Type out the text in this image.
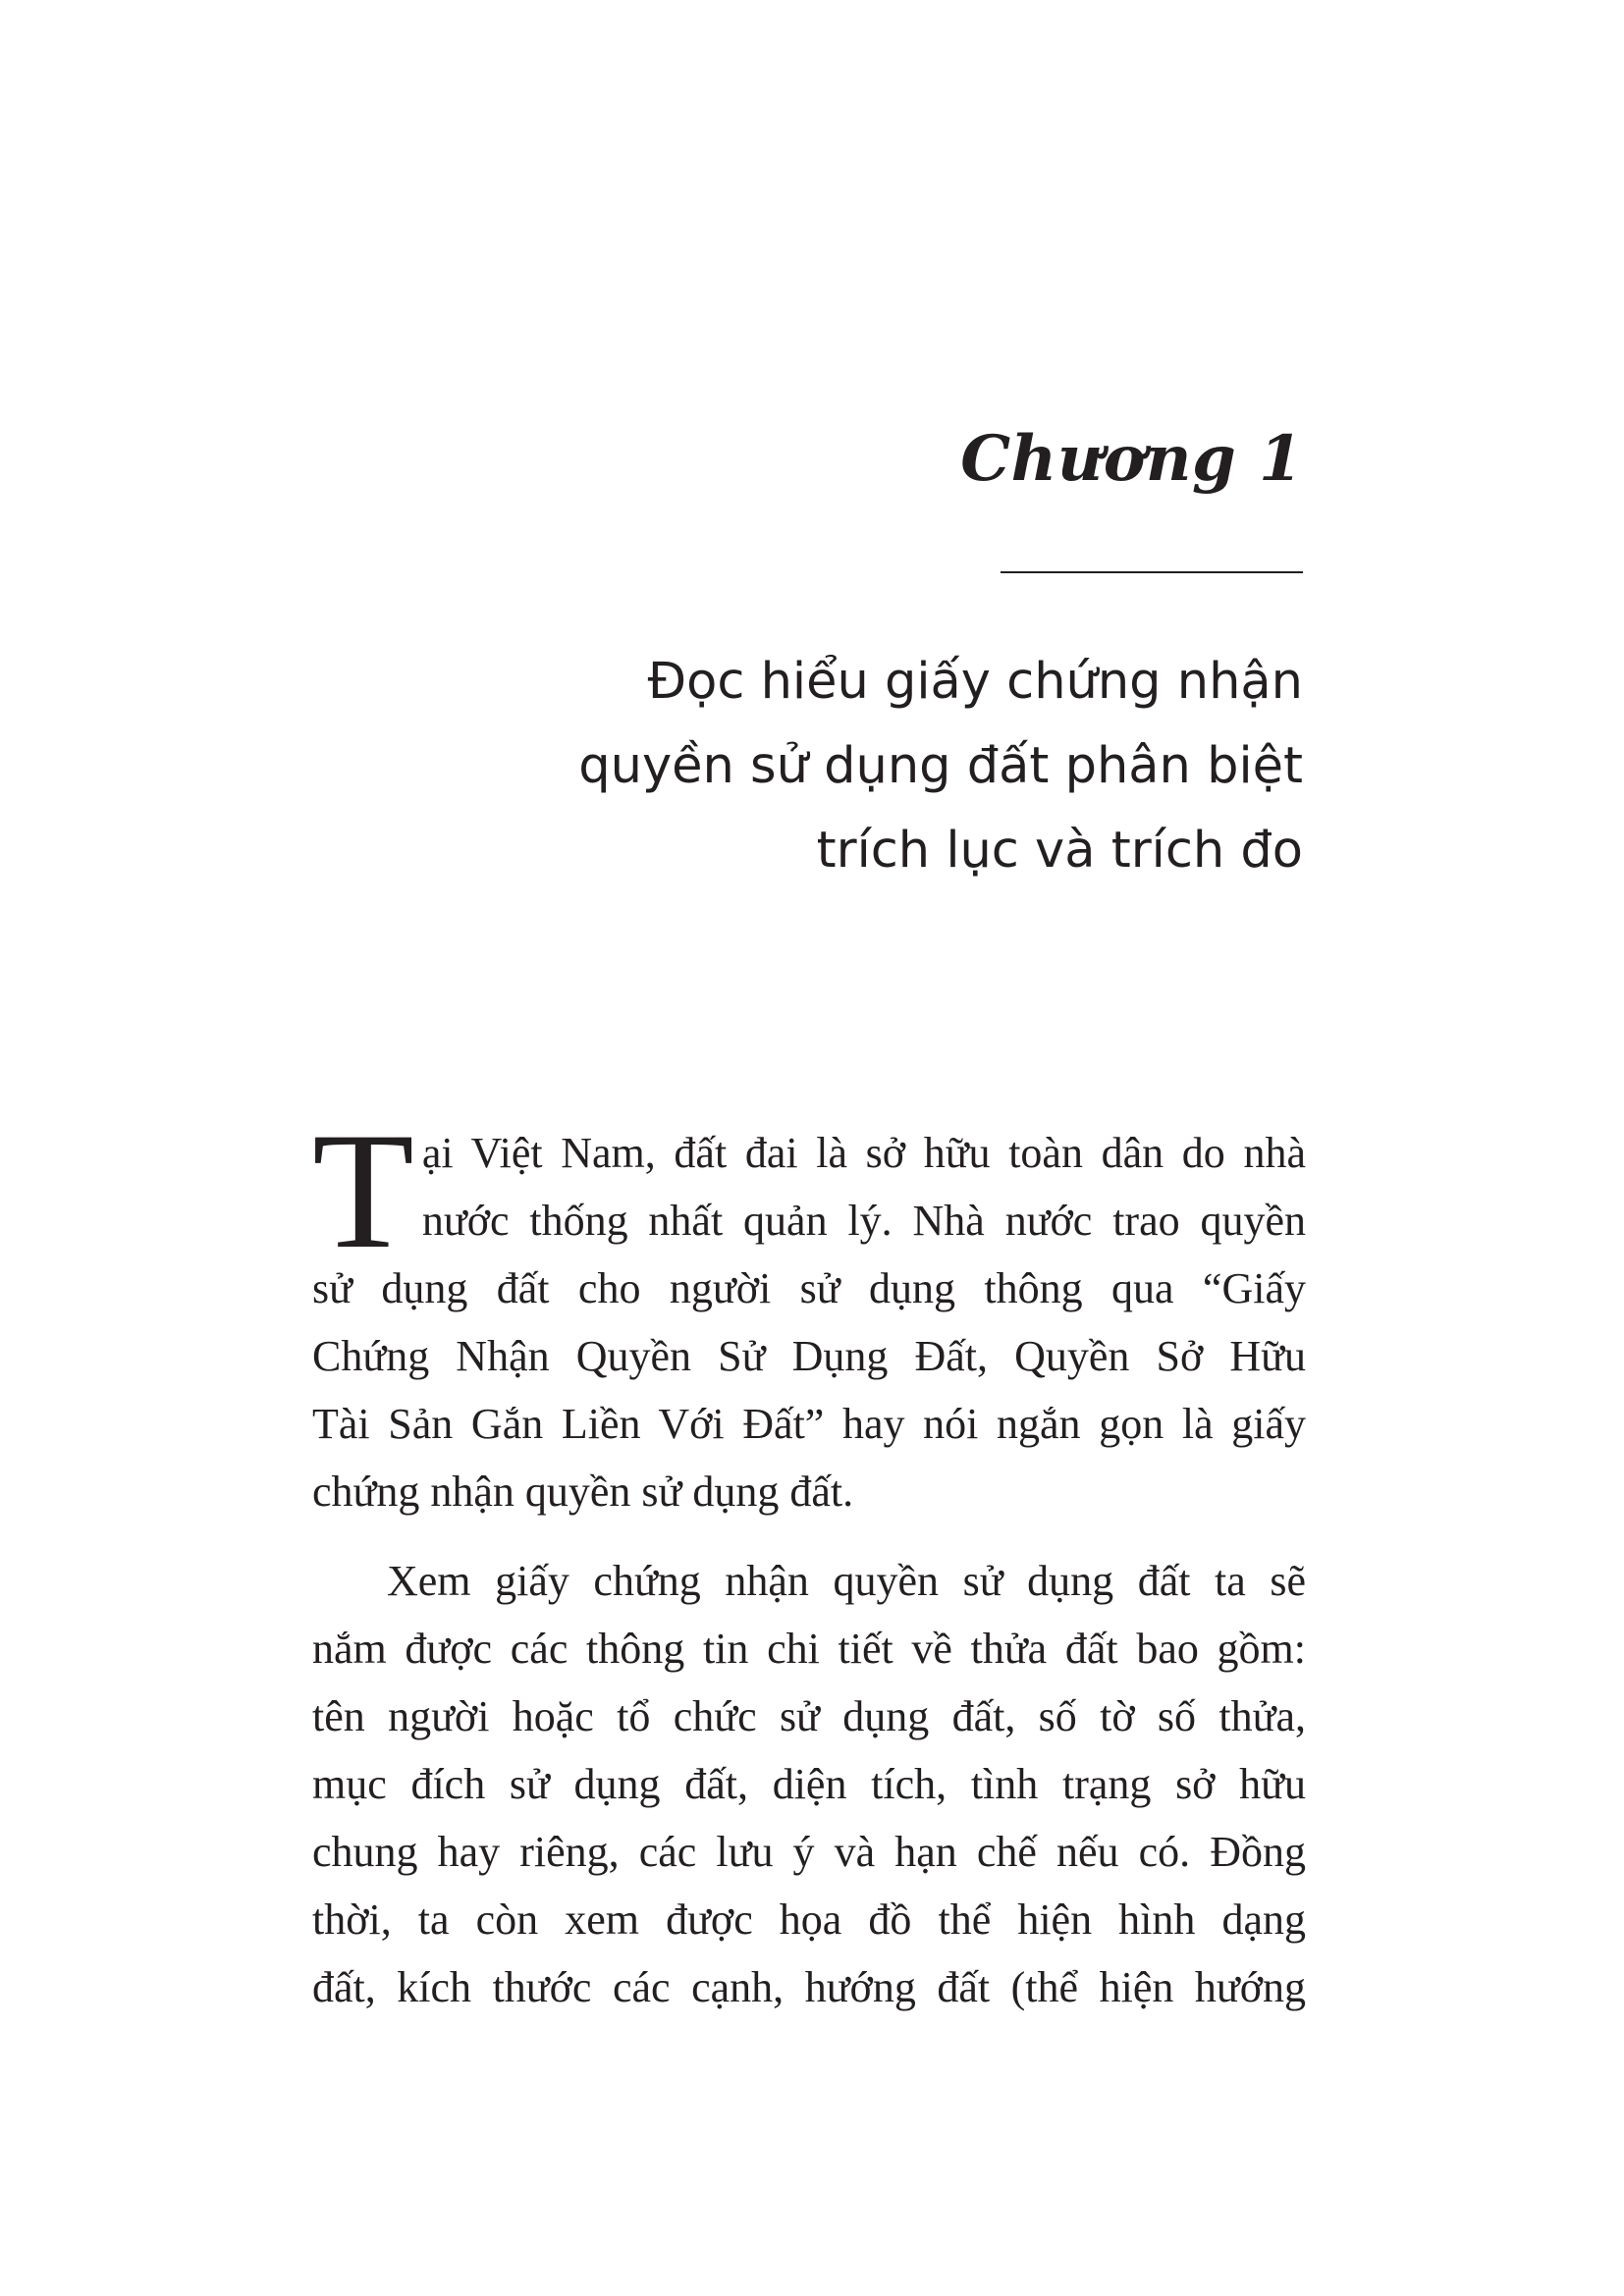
Chương 1
Đọc hiểu giấy chứng nhận
quyền sử dụng đất phân biệt
trích lục và trích đo

T ại Việt Nam, đất đai là sở hữu toàn dân do nhà
nước thống nhất quản lý. Nhà nước trao quyền
sử dụng đất cho người sử dụng thông qua “Giấy
Chứng Nhận Quyền Sử Dụng Đất, Quyền Sở Hữu
Tài Sản Gắn Liền Với Đất” hay nói ngắn gọn là giấy
chứng nhận quyền sử dụng đất.

Xem giấy chứng nhận quyền sử dụng đất ta sẽ
nắm được các thông tin chi tiết về thửa đất bao gồm:
tên người hoặc tổ chức sử dụng đất, số tờ số thửa,
mục đích sử dụng đất, diện tích, tình trạng sở hữu
chung hay riêng, các lưu ý và hạn chế nếu có. Đồng
thời, ta còn xem được họa đồ thể hiện hình dạng
đất, kích thước các cạnh, hướng đất (thể hiện hướng
